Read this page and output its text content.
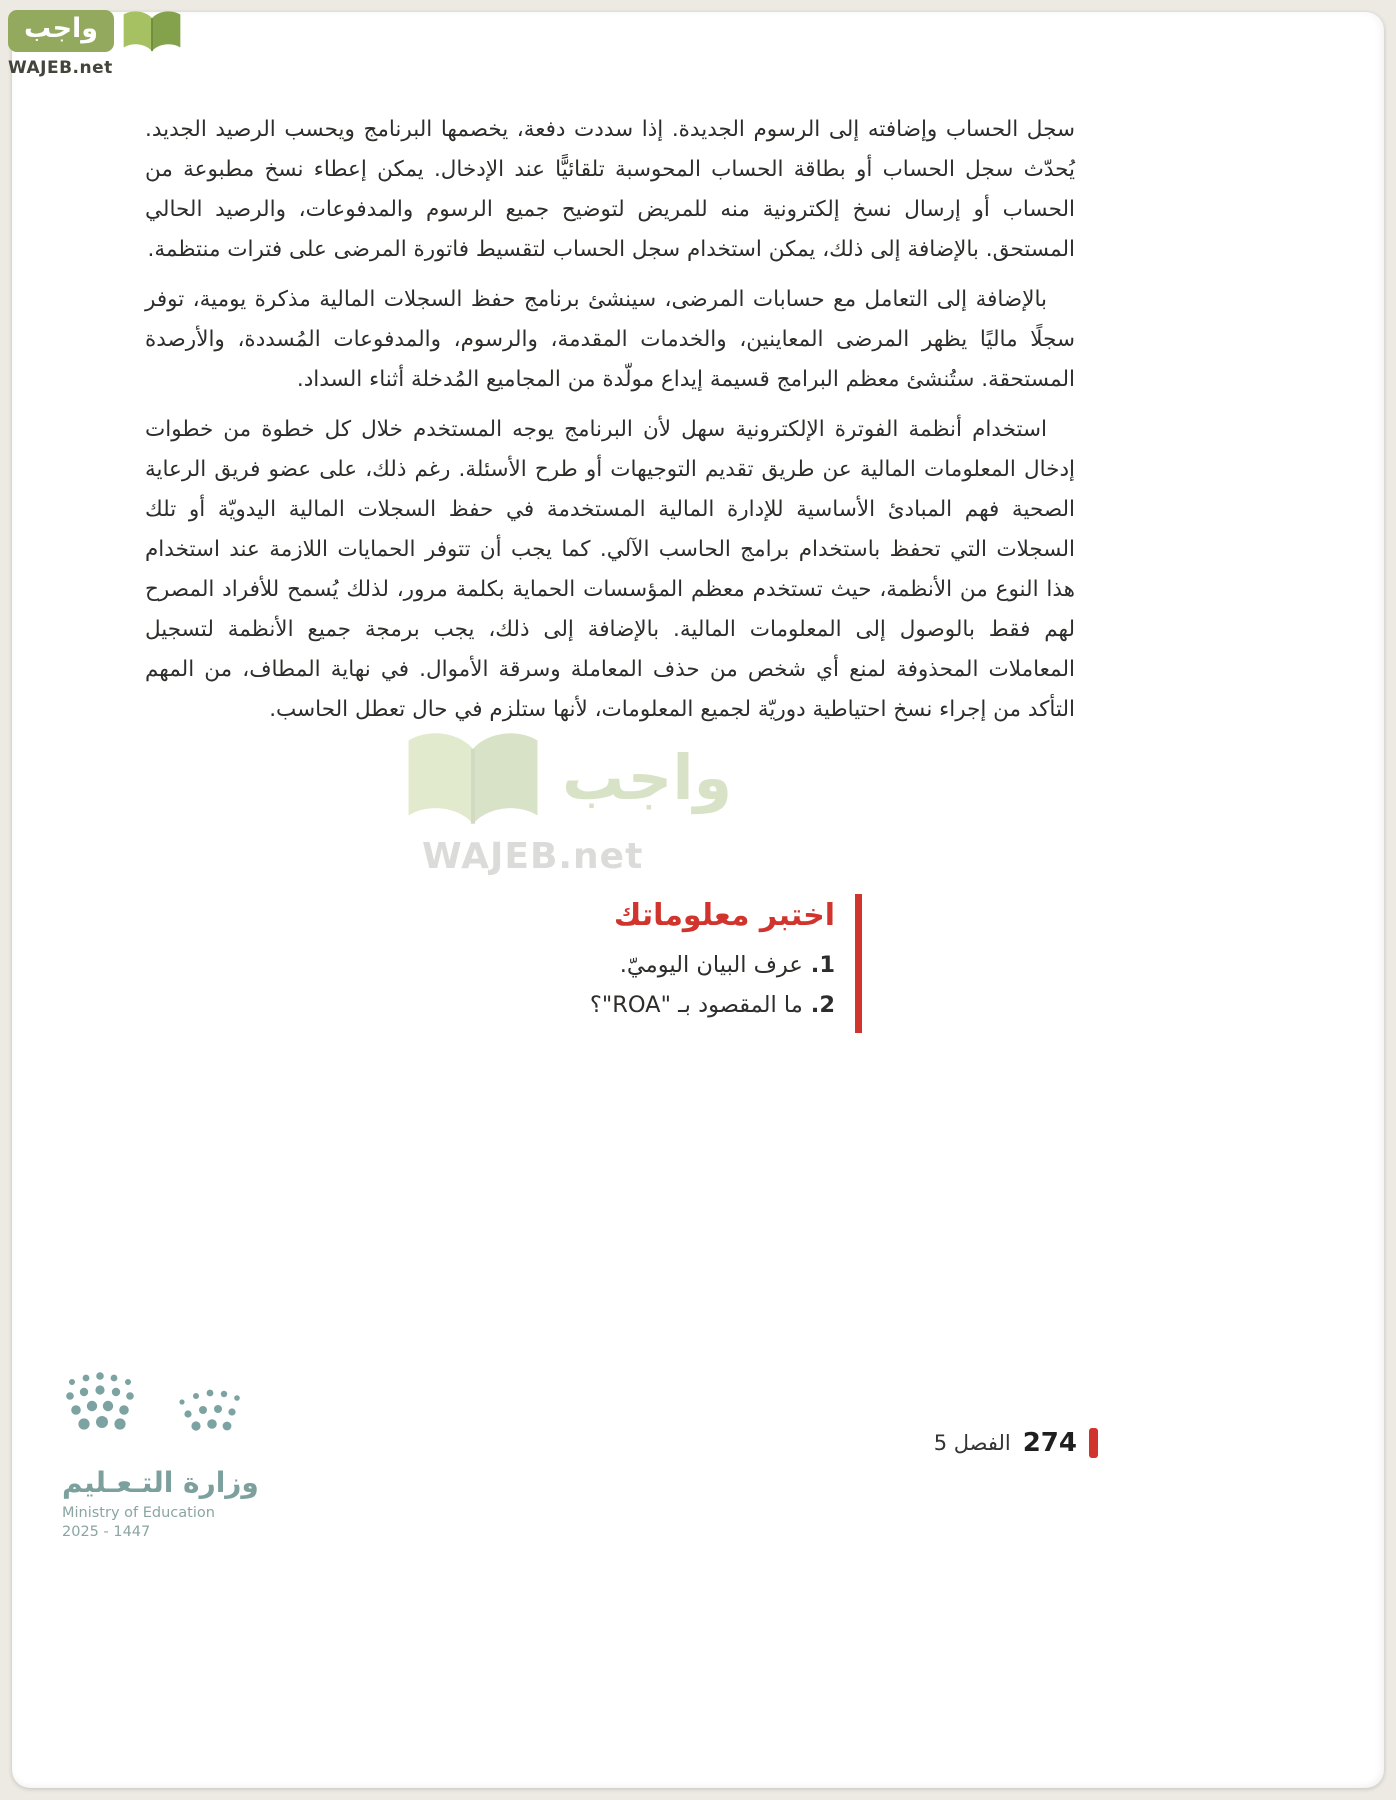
سجل الحساب وإضافته إلى الرسوم الجديدة. إذا سددت دفعة، يخصمها البرنامج ويحسب الرصيد الجديد. يُحدّث سجل الحساب أو بطاقة الحساب المحوسبة تلقائيًّا عند الإدخال. يمكن إعطاء نسخ مطبوعة من الحساب أو إرسال نسخ إلكترونية منه للمريض لتوضيح جميع الرسوم والمدفوعات، والرصيد الحالي المستحق. بالإضافة إلى ذلك، يمكن استخدام سجل الحساب لتقسيط فاتورة المرضى على فترات منتظمة.

بالإضافة إلى التعامل مع حسابات المرضى، سينشئ برنامج حفظ السجلات المالية مذكرة يومية، توفر سجلًا ماليًا يظهر المرضى المعاينين، والخدمات المقدمة، والرسوم، والمدفوعات المُسددة، والأرصدة المستحقة. ستُنشئ معظم البرامج قسيمة إيداع مولّدة من المجاميع المُدخلة أثناء السداد.

استخدام أنظمة الفوترة الإلكترونية سهل لأن البرنامج يوجه المستخدم خلال كل خطوة من خطوات إدخال المعلومات المالية عن طريق تقديم التوجيهات أو طرح الأسئلة. رغم ذلك، على عضو فريق الرعاية الصحية فهم المبادئ الأساسية للإدارة المالية المستخدمة في حفظ السجلات المالية اليدويّة أو تلك السجلات التي تحفظ باستخدام برامج الحاسب الآلي. كما يجب أن تتوفر الحمايات اللازمة عند استخدام هذا النوع من الأنظمة، حيث تستخدم معظم المؤسسات الحماية بكلمة مرور، لذلك يُسمح للأفراد المصرح لهم فقط بالوصول إلى المعلومات المالية. بالإضافة إلى ذلك، يجب برمجة جميع الأنظمة لتسجيل المعاملات المحذوفة لمنع أي شخص من حذف المعاملة وسرقة الأموال. في نهاية المطاف، من المهم التأكد من إجراء نسخ احتياطية دوريّة لجميع المعلومات، لأنها ستلزم في حال تعطل الحاسب.

واجب
WAJEB.net
اختبر معلوماتك
1.عرف البيان اليوميّ.
2.ما المقصود بـ "ROA"؟
وزارة التـعـليم
Ministry of Education
2025 - 1447
274
الفصل 5
واجب
WAJEB.net
